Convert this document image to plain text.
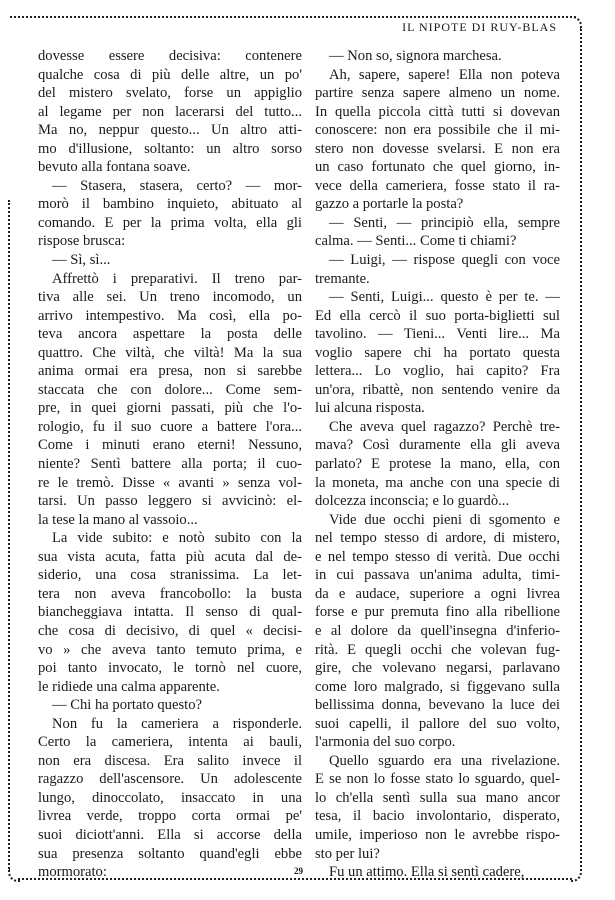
IL NIPOTE DI RUY-BLAS
dovesse essere decisiva: contenere
qualche cosa di più delle altre, un po'
del mistero svelato, forse un appiglio
al legame per non lacerarsi del tutto...
Ma no, neppur questo... Un altro atti-
mo d'illusione, soltanto: un altro sorso
bevuto alla fontana soave.
— Stasera, stasera, certo? — mor-
morò il bambino inquieto, abituato al
comando. E per la prima volta, ella gli
rispose brusca:
— Sì, sì...
Affrettò i preparativi. Il treno par-
tiva alle sei. Un treno incomodo, un
arrivo intempestivo. Ma così, ella po-
teva ancora aspettare la posta delle
quattro. Che viltà, che viltà! Ma la sua
anima ormai era presa, non si sarebbe
staccata che con dolore... Come sem-
pre, in quei giorni passati, più che l'o-
rologio, fu il suo cuore a battere l'ora...
Come i minuti erano eterni! Nessuno,
niente? Sentì battere alla porta; il cuo-
re le tremò. Disse « avanti » senza vol-
tarsi. Un passo leggero si avvicinò: el-
la tese la mano al vassoio...
La vide subito: e notò subito con la
sua vista acuta, fatta più acuta dal de-
siderio, una cosa stranissima. La let-
tera non aveva francobollo: la busta
biancheggiava intatta. Il senso di qual-
che cosa di decisivo, di quel « decisi-
vo » che aveva tanto temuto prima, e
poi tanto invocato, le tornò nel cuore,
le ridiede una calma apparente.
— Chi ha portato questo?
Non fu la cameriera a risponderle.
Certo la cameriera, intenta ai bauli,
non era discesa. Era salito invece il
ragazzo dell'ascensore. Un adolescente
lungo, dinoccolato, insaccato in una
livrea verde, troppo corta ormai pe'
suoi diciott'anni. Ella si accorse della
sua presenza soltanto quand'egli ebbe
mormorato:
— Non so, signora marchesa.
Ah, sapere, sapere! Ella non poteva
partire senza sapere almeno un nome.
In quella piccola città tutti si dovevan
conoscere: non era possibile che il mi-
stero non dovesse svelarsi. E non era
un caso fortunato che quel giorno, in-
vece della cameriera, fosse stato il ra-
gazzo a portarle la posta?
— Senti, — principiò ella, sempre
calma. — Senti... Come ti chiami?
— Luigi, — rispose quegli con voce
tremante.
— Senti, Luigi... questo è per te. —
Ed ella cercò il suo porta-biglietti sul
tavolino. — Tieni... Venti lire... Ma
voglio sapere chi ha portato questa
lettera... Lo voglio, hai capito? Fra
un'ora, ribattè, non sentendo venire da
lui alcuna risposta.
Che aveva quel ragazzo? Perchè tre-
mava? Così duramente ella gli aveva
parlato? E protese la mano, ella, con
la moneta, ma anche con una specie di
dolcezza inconscia; e lo guardò...
Vide due occhi pieni di sgomento e
nel tempo stesso di ardore, di mistero,
e nel tempo stesso di verità. Due occhi
in cui passava un'anima adulta, timi-
da e audace, superiore a ogni livrea
forse e pur premuta fino alla ribellione
e al dolore da quell'insegna d'inferio-
rità. E quegli occhi che volevan fug-
gire, che volevano negarsi, parlavano
come loro malgrado, si figgevano sulla
bellissima donna, bevevano la luce dei
suoi capelli, il pallore del suo volto,
l'armonia del suo corpo.
Quello sguardo era una rivelazione.
E se non lo fosse stato lo sguardo, quel-
lo ch'ella sentì sulla sua mano ancor
tesa, il bacio involontario, disperato,
umile, imperioso non le avrebbe rispo-
sto per lui?
Fu un attimo. Ella si sentì cadere,
29
